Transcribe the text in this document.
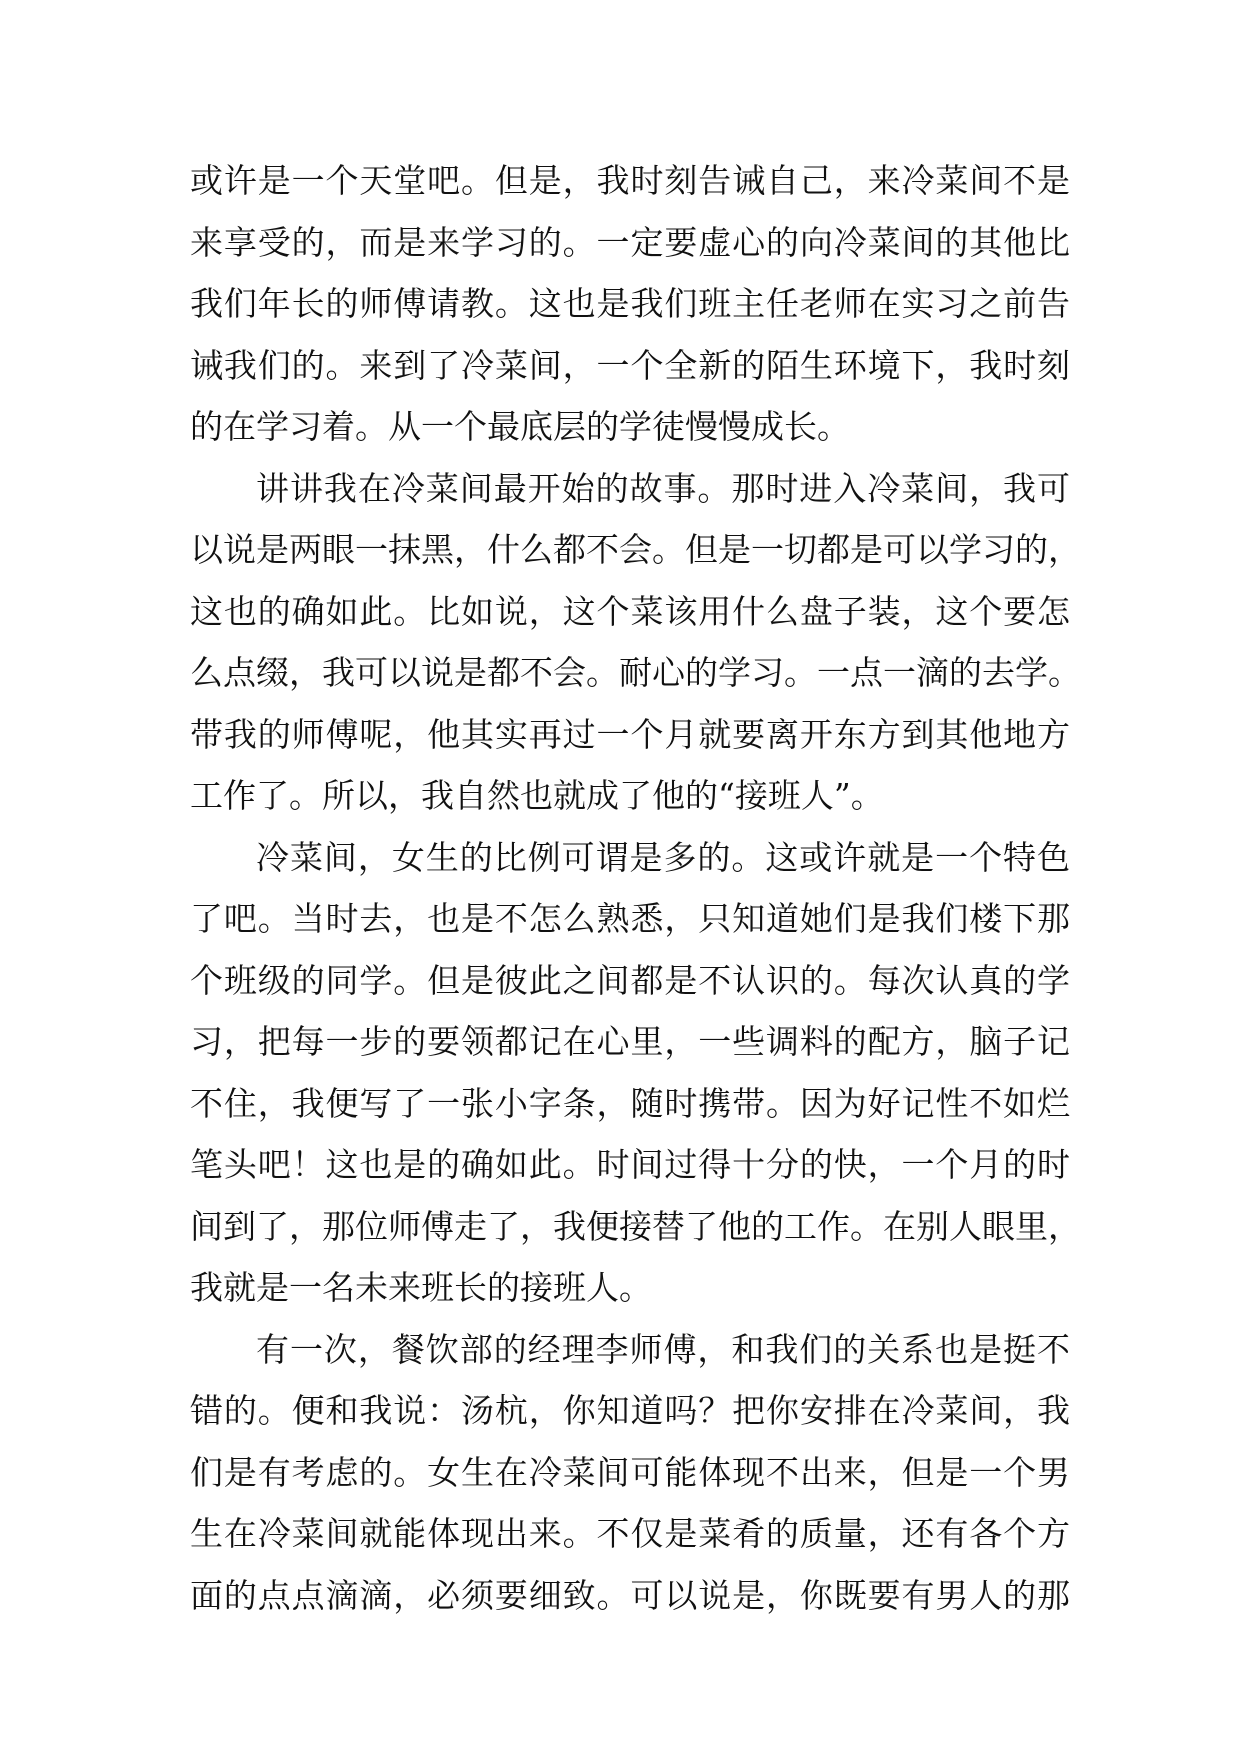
或许是一个天堂吧。但是，我时刻告诫自己，来冷菜间不是
来享受的，而是来学习的。一定要虚心的向冷菜间的其他比
我们年长的师傅请教。这也是我们班主任老师在实习之前告
诫我们的。来到了冷菜间，一个全新的陌生环境下，我时刻
的在学习着。从一个最底层的学徒慢慢成长。
讲讲我在冷菜间最开始的故事。那时进入冷菜间，我可
以说是两眼一抹黑，什么都不会。但是一切都是可以学习的，
这也的确如此。比如说，这个菜该用什么盘子装，这个要怎
么点缀，我可以说是都不会。耐心的学习。一点一滴的去学。
带我的师傅呢，他其实再过一个月就要离开东方到其他地方
工作了。所以，我自然也就成了他的“接班人”。
冷菜间，女生的比例可谓是多的。这或许就是一个特色
了吧。当时去，也是不怎么熟悉，只知道她们是我们楼下那
个班级的同学。但是彼此之间都是不认识的。每次认真的学
习，把每一步的要领都记在心里，一些调料的配方，脑子记
不住，我便写了一张小字条，随时携带。因为好记性不如烂
笔头吧！这也是的确如此。时间过得十分的快，一个月的时
间到了，那位师傅走了，我便接替了他的工作。在别人眼里，
我就是一名未来班长的接班人。
有一次，餐饮部的经理李师傅，和我们的关系也是挺不
错的。便和我说：汤杭，你知道吗？把你安排在冷菜间，我
们是有考虑的。女生在冷菜间可能体现不出来，但是一个男
生在冷菜间就能体现出来。不仅是菜肴的质量，还有各个方
面的点点滴滴，必须要细致。可以说是，你既要有男人的那
